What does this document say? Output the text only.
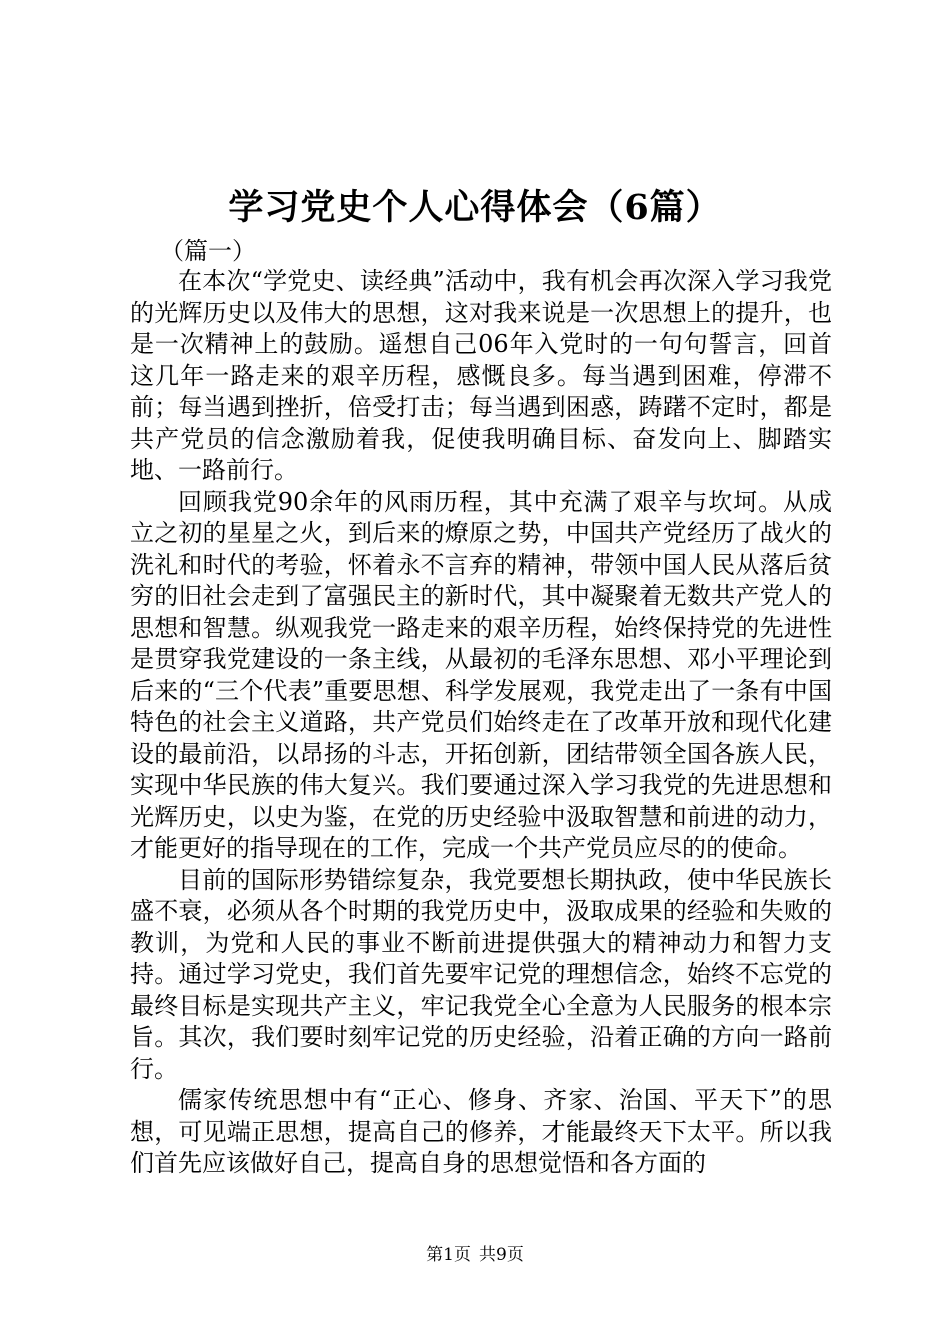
学习党史个人心得体会（6篇）
（篇一）

在本次“学党史、读经典”活动中，我有机会再次深入学习我党的光辉历史以及伟大的思想，这对我来说是一次思想上的提升，也是一次精神上的鼓励。遥想自己06年入党时的一句句誓言，回首这几年一路走来的艰辛历程，感慨良多。每当遇到困难，停滞不前；每当遇到挫折，倍受打击；每当遇到困惑，踌躇不定时，都是共产党员的信念激励着我，促使我明确目标、奋发向上、脚踏实地、一路前行。

回顾我党90余年的风雨历程，其中充满了艰辛与坎坷。从成立之初的星星之火，到后来的燎原之势，中国共产党经历了战火的洗礼和时代的考验，怀着永不言弃的精神，带领中国人民从落后贫穷的旧社会走到了富强民主的新时代，其中凝聚着无数共产党人的思想和智慧。纵观我党一路走来的艰辛历程，始终保持党的先进性是贯穿我党建设的一条主线，从最初的毛泽东思想、邓小平理论到后来的“三个代表”重要思想、科学发展观，我党走出了一条有中国特色的社会主义道路，共产党员们始终走在了改革开放和现代化建设的最前沿，以昂扬的斗志，开拓创新，团结带领全国各族人民，实现中华民族的伟大复兴。我们要通过深入学习我党的先进思想和光辉历史，以史为鉴，在党的历史经验中汲取智慧和前进的动力，才能更好的指导现在的工作，完成一个共产党员应尽的的使命。

目前的国际形势错综复杂，我党要想长期执政，使中华民族长盛不衰，必须从各个时期的我党历史中，汲取成果的经验和失败的教训，为党和人民的事业不断前进提供强大的精神动力和智力支持。通过学习党史，我们首先要牢记党的理想信念，始终不忘党的最终目标是实现共产主义，牢记我党全心全意为人民服务的根本宗旨。其次，我们要时刻牢记党的历史经验，沿着正确的方向一路前行。

儒家传统思想中有“正心、修身、齐家、治国、平天下”的思想，可见端正思想，提高自己的修养，才能最终天下太平。所以我们首先应该做好自己，提高自身的思想觉悟和各方面的

第1页 共9页
